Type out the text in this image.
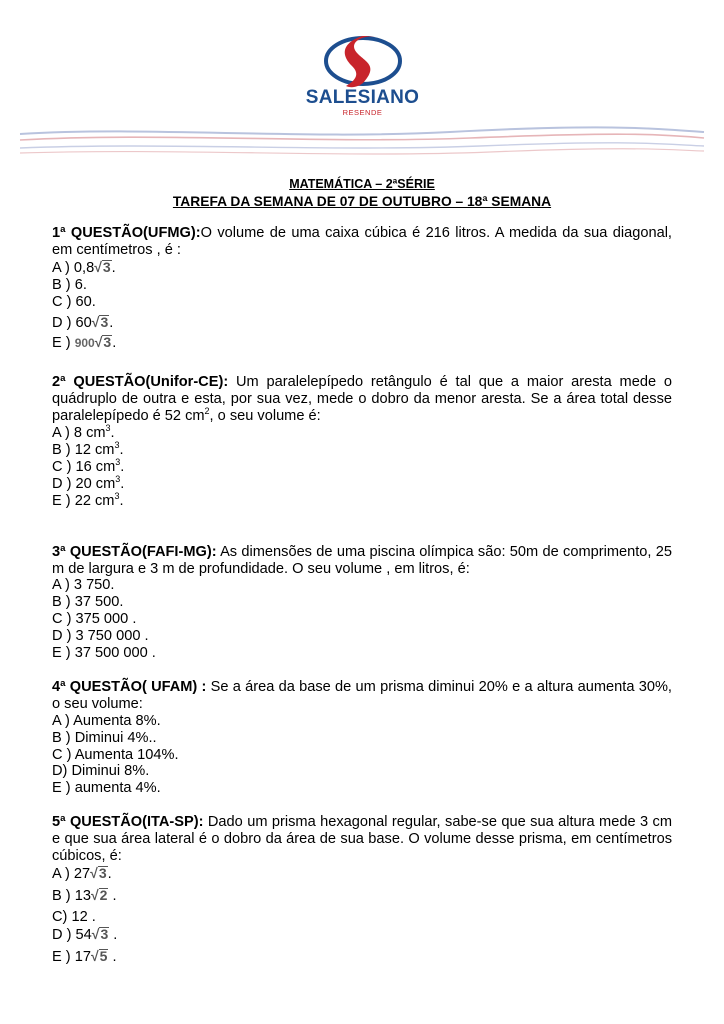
SALESIANO
RESENDE
MATEMÁTICA – 2ªSÉRIE
TAREFA DA SEMANA DE 07 DE OUTUBRO – 18ª SEMANA

1ª QUESTÃO(UFMG):O volume de uma caixa cúbica é 216 litros. A medida da sua diagonal, em centímetros , é :

A ) 0,8√3.
B ) 6.
C ) 60.
D ) 60√3.
E ) 900√3.

2ª QUESTÃO(Unifor-CE): Um paralelepípedo retângulo é tal que a maior aresta mede o quádruplo de outra e esta, por sua vez, mede o dobro da menor aresta. Se a área total desse paralelepípedo é 52 $cm^2$, o seu volume é:

A ) 8 $cm^3$.
B ) 12 $cm^3$.
C ) 16 $cm^3$.
D ) 20 $cm^3$.
E ) 22 $cm^3$.

3ª QUESTÃO(FAFI-MG): As dimensões de uma piscina olímpica são: 50m de comprimento, 25 m de largura e 3 m de profundidade. O seu volume , em litros, é:

A ) 3 750.
B ) 37 500.
C ) 375 000 .
D ) 3 750 000 .
E ) 37 500 000 .

4ª QUESTÃO( UFAM) : Se a área da base de um prisma diminui 20% e a altura aumenta 30%, o seu volume:

A ) Aumenta 8%.
B ) Diminui 4%..
C ) Aumenta 104%.
D) Diminui 8%.
E ) aumenta 4%.

5ª QUESTÃO(ITA-SP): Dado um prisma hexagonal regular, sabe-se que sua altura mede 3 cm e que sua área lateral é o dobro da área de sua base. O volume desse prisma, em centímetros cúbicos, é:

A ) 27√3.
B ) 13√2 .
C) 12 .
D ) 54√3 .
E ) 17√5 .
